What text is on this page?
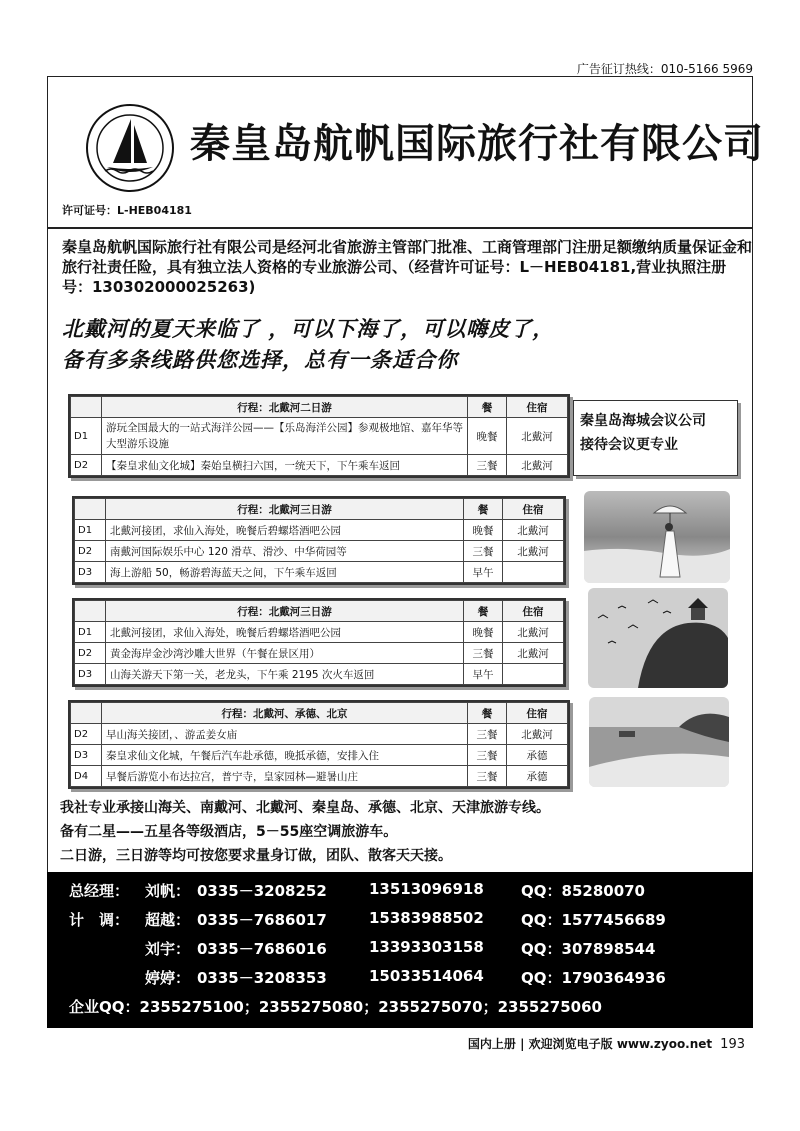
广告征订热线：010-5166 5969
秦皇岛航帆国际旅行社有限公司
许可证号：L-HEB04181
秦皇岛航帆国际旅行社有限公司是经河北省旅游主管部门批准、工商管理部门注册足额缴纳质量保证金和旅行社责任险，具有独立法人资格的专业旅游公司、（经营许可证号：L－HEB04181,营业执照注册号：130302000025263)
北戴河的夏天来临了 ，可以下海了，可以嗨皮了，
备有多条线路供您选择，总有一条适合你
	行程：北戴河二日游	餐	住宿
D1	游玩全国最大的一站式海洋公园——【乐岛海洋公园】参观极地馆、嘉年华等大型游乐设施	晚餐	北戴河
D2	【秦皇求仙文化城】秦始皇横扫六国，一统天下，下午乘车返回	三餐	北戴河
秦皇岛海城会议公司
接待会议更专业
	行程：北戴河三日游	餐	住宿
D1	北戴河接团，求仙入海处，晚餐后碧螺塔酒吧公园	晚餐	北戴河
D2	南戴河国际娱乐中心 120 滑草、滑沙、中华荷园等	三餐	北戴河
D3	海上游船 50，畅游碧海蓝天之间，下午乘车返回	早午	
	行程：北戴河三日游	餐	住宿
D1	北戴河接团，求仙入海处，晚餐后碧螺塔酒吧公园	晚餐	北戴河
D2	黄金海岸金沙湾沙雕大世界（午餐在景区用）	三餐	北戴河
D3	山海关游天下第一关，老龙头，下午乘 2195 次火车返回	早午	
	行程：北戴河、承德、北京	餐	住宿
D2	早山海关接团，、游孟姜女庙	三餐	北戴河
D3	秦皇求仙文化城，午餐后汽车赴承德，晚抵承德，安排入住	三餐	承德
D4	早餐后游览小布达拉宫，普宁寺，皇家园林—避暑山庄	三餐	承德
我社专业承接山海关、南戴河、北戴河、秦皇岛、承德、北京、天津旅游专线。
备有二星——五星各等级酒店，5－55座空调旅游车。
二日游，三日游等均可按您要求量身订做，团队、散客天天接。
总经理： 刘帆： 0335－3208252	13513096918 QQ：85280070
计　调： 超越： 0335－7686017	15383988502 QQ：1577456689
刘宇： 0335－7686016	13393303158 QQ：307898544
婷婷： 0335－3208353	15033514064 QQ：1790364936
企业QQ：2355275100；2355275080；2355275070；2355275060
国内上册 | 欢迎浏览电子版 www.zyoo.net 193
